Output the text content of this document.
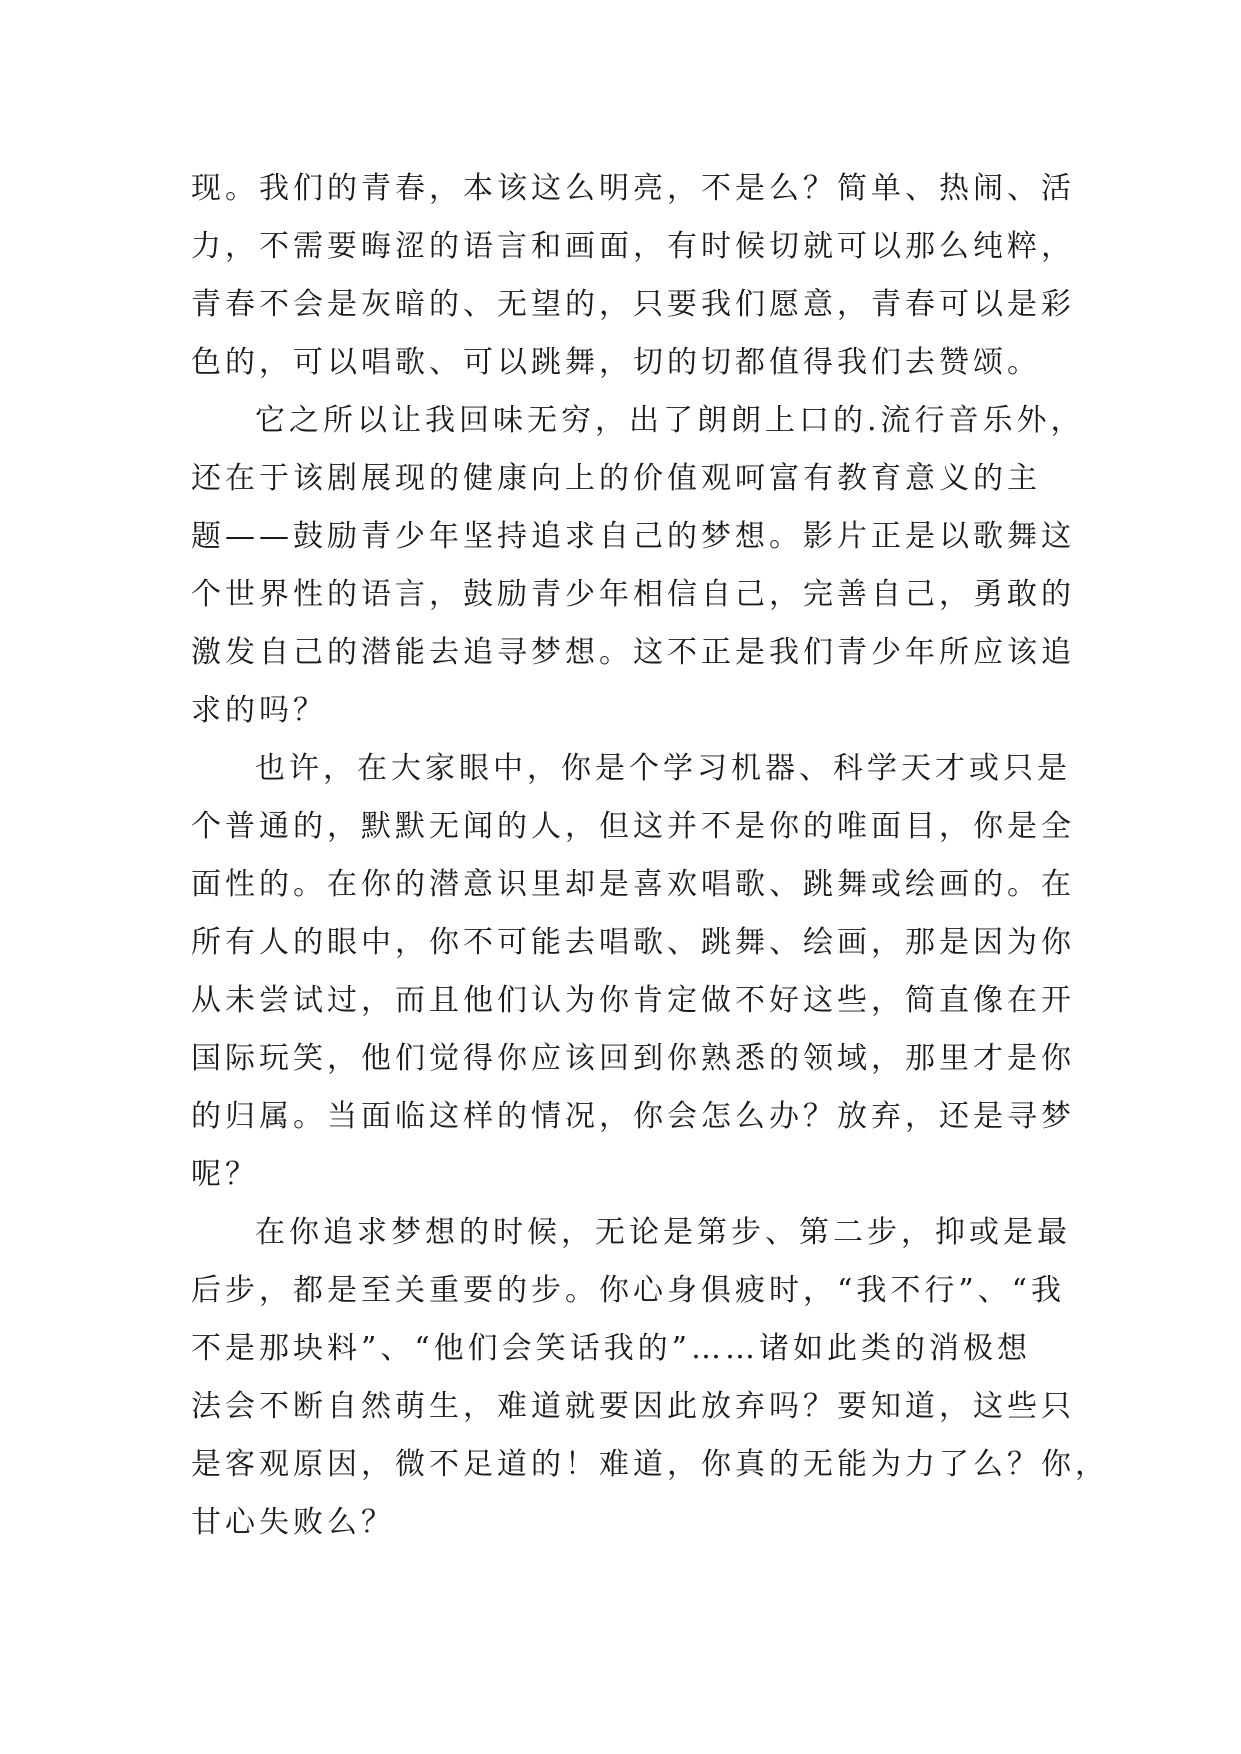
现。我们的青春，本该这么明亮，不是么？简单、热闹、活
力，不需要晦涩的语言和画面，有时候切就可以那么纯粹，
青春不会是灰暗的、无望的，只要我们愿意，青春可以是彩
色的，可以唱歌、可以跳舞，切的切都值得我们去赞颂。
它之所以让我回味无穷，出了朗朗上口的.流行音乐外，
还在于该剧展现的健康向上的价值观呵富有教育意义的主
题——鼓励青少年坚持追求自己的梦想。影片正是以歌舞这
个世界性的语言，鼓励青少年相信自己，完善自己，勇敢的
激发自己的潜能去追寻梦想。这不正是我们青少年所应该追
求的吗？
也许，在大家眼中，你是个学习机器、科学天才或只是
个普通的，默默无闻的人，但这并不是你的唯面目，你是全
面性的。在你的潜意识里却是喜欢唱歌、跳舞或绘画的。在
所有人的眼中，你不可能去唱歌、跳舞、绘画，那是因为你
从未尝试过，而且他们认为你肯定做不好这些，简直像在开
国际玩笑，他们觉得你应该回到你熟悉的领域，那里才是你
的归属。当面临这样的情况，你会怎么办？放弃，还是寻梦
呢？
在你追求梦想的时候，无论是第步、第二步，抑或是最
后步，都是至关重要的步。你心身俱疲时，“我不行”、“我
不是那块料”、“他们会笑话我的”……诸如此类的消极想
法会不断自然萌生，难道就要因此放弃吗？要知道，这些只
是客观原因，微不足道的！难道，你真的无能为力了么？你，
甘心失败么？
